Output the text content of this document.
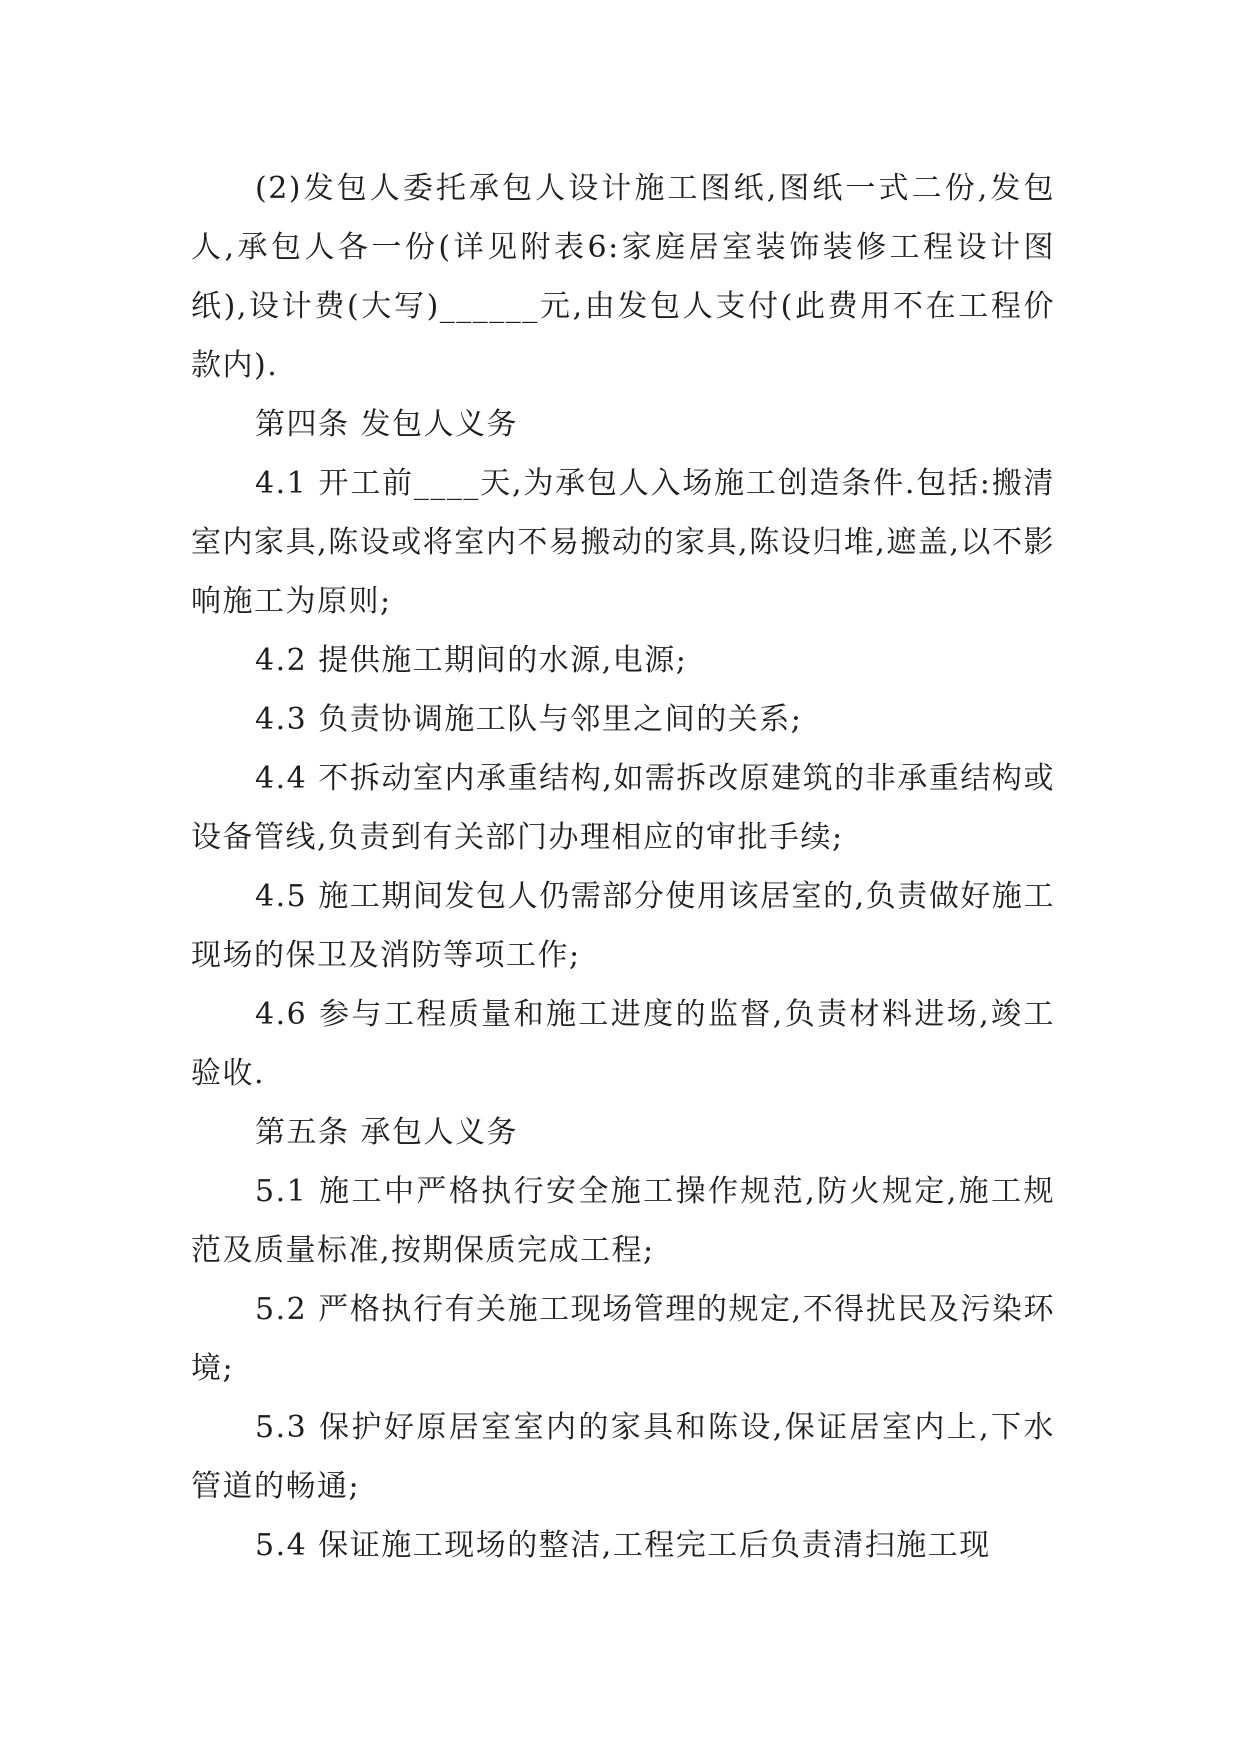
(2)发包人委托承包人设计施工图纸,图纸一式二份,发包人,承包人各一份(详见附表6:家庭居室装饰装修工程设计图纸),设计费(大写)______元,由发包人支付(此费用不在工程价款内).

第四条 发包人义务

4.1 开工前____天,为承包人入场施工创造条件.包括:搬清室内家具,陈设或将室内不易搬动的家具,陈设归堆,遮盖,以不影响施工为原则;

4.2 提供施工期间的水源,电源;

4.3 负责协调施工队与邻里之间的关系;

4.4 不拆动室内承重结构,如需拆改原建筑的非承重结构或设备管线,负责到有关部门办理相应的审批手续;

4.5 施工期间发包人仍需部分使用该居室的,负责做好施工现场的保卫及消防等项工作;

4.6 参与工程质量和施工进度的监督,负责材料进场,竣工验收.

第五条 承包人义务

5.1 施工中严格执行安全施工操作规范,防火规定,施工规范及质量标准,按期保质完成工程;

5.2 严格执行有关施工现场管理的规定,不得扰民及污染环境;

5.3 保护好原居室室内的家具和陈设,保证居室内上,下水管道的畅通;

5.4 保证施工现场的整洁,工程完工后负责清扫施工现
